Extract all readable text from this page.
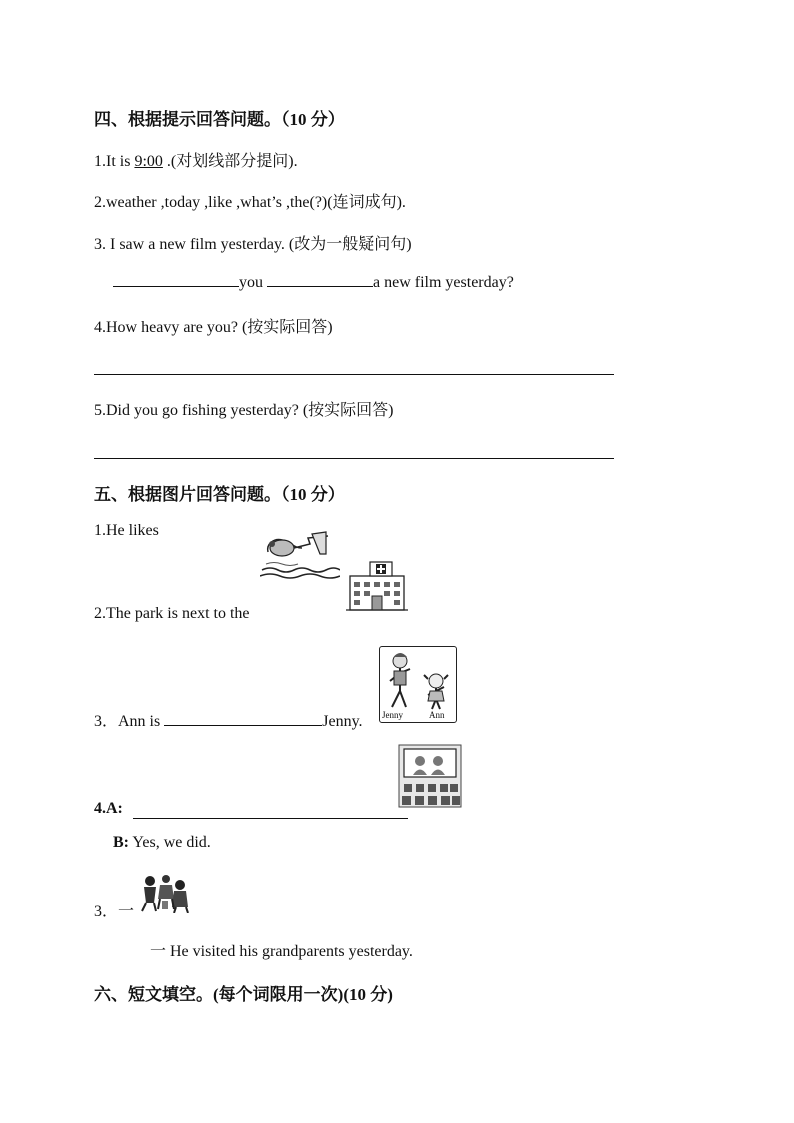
四、根据提示回答问题。（10 分）
1.It is 9:00 .(对划线部分提问).
2.weather ,today ,like ,what’s ,the(?)(连词成句).
3. I saw a new film yesterday. (改为一般疑问句)
you	a new film yesterday?
4.How heavy are you? (按实际回答)
5.Did you go fishing yesterday? (按实际回答)
五、根据图片回答问题。（10 分）
1.He likes
2.The park is next to the
Jenny	Ann
3．Ann is	Jenny.
4.A:
B: Yes, we did.
3．一
一 He visited his grandparents yesterday.
六、短文填空。(每个词限用一次)(10 分)
